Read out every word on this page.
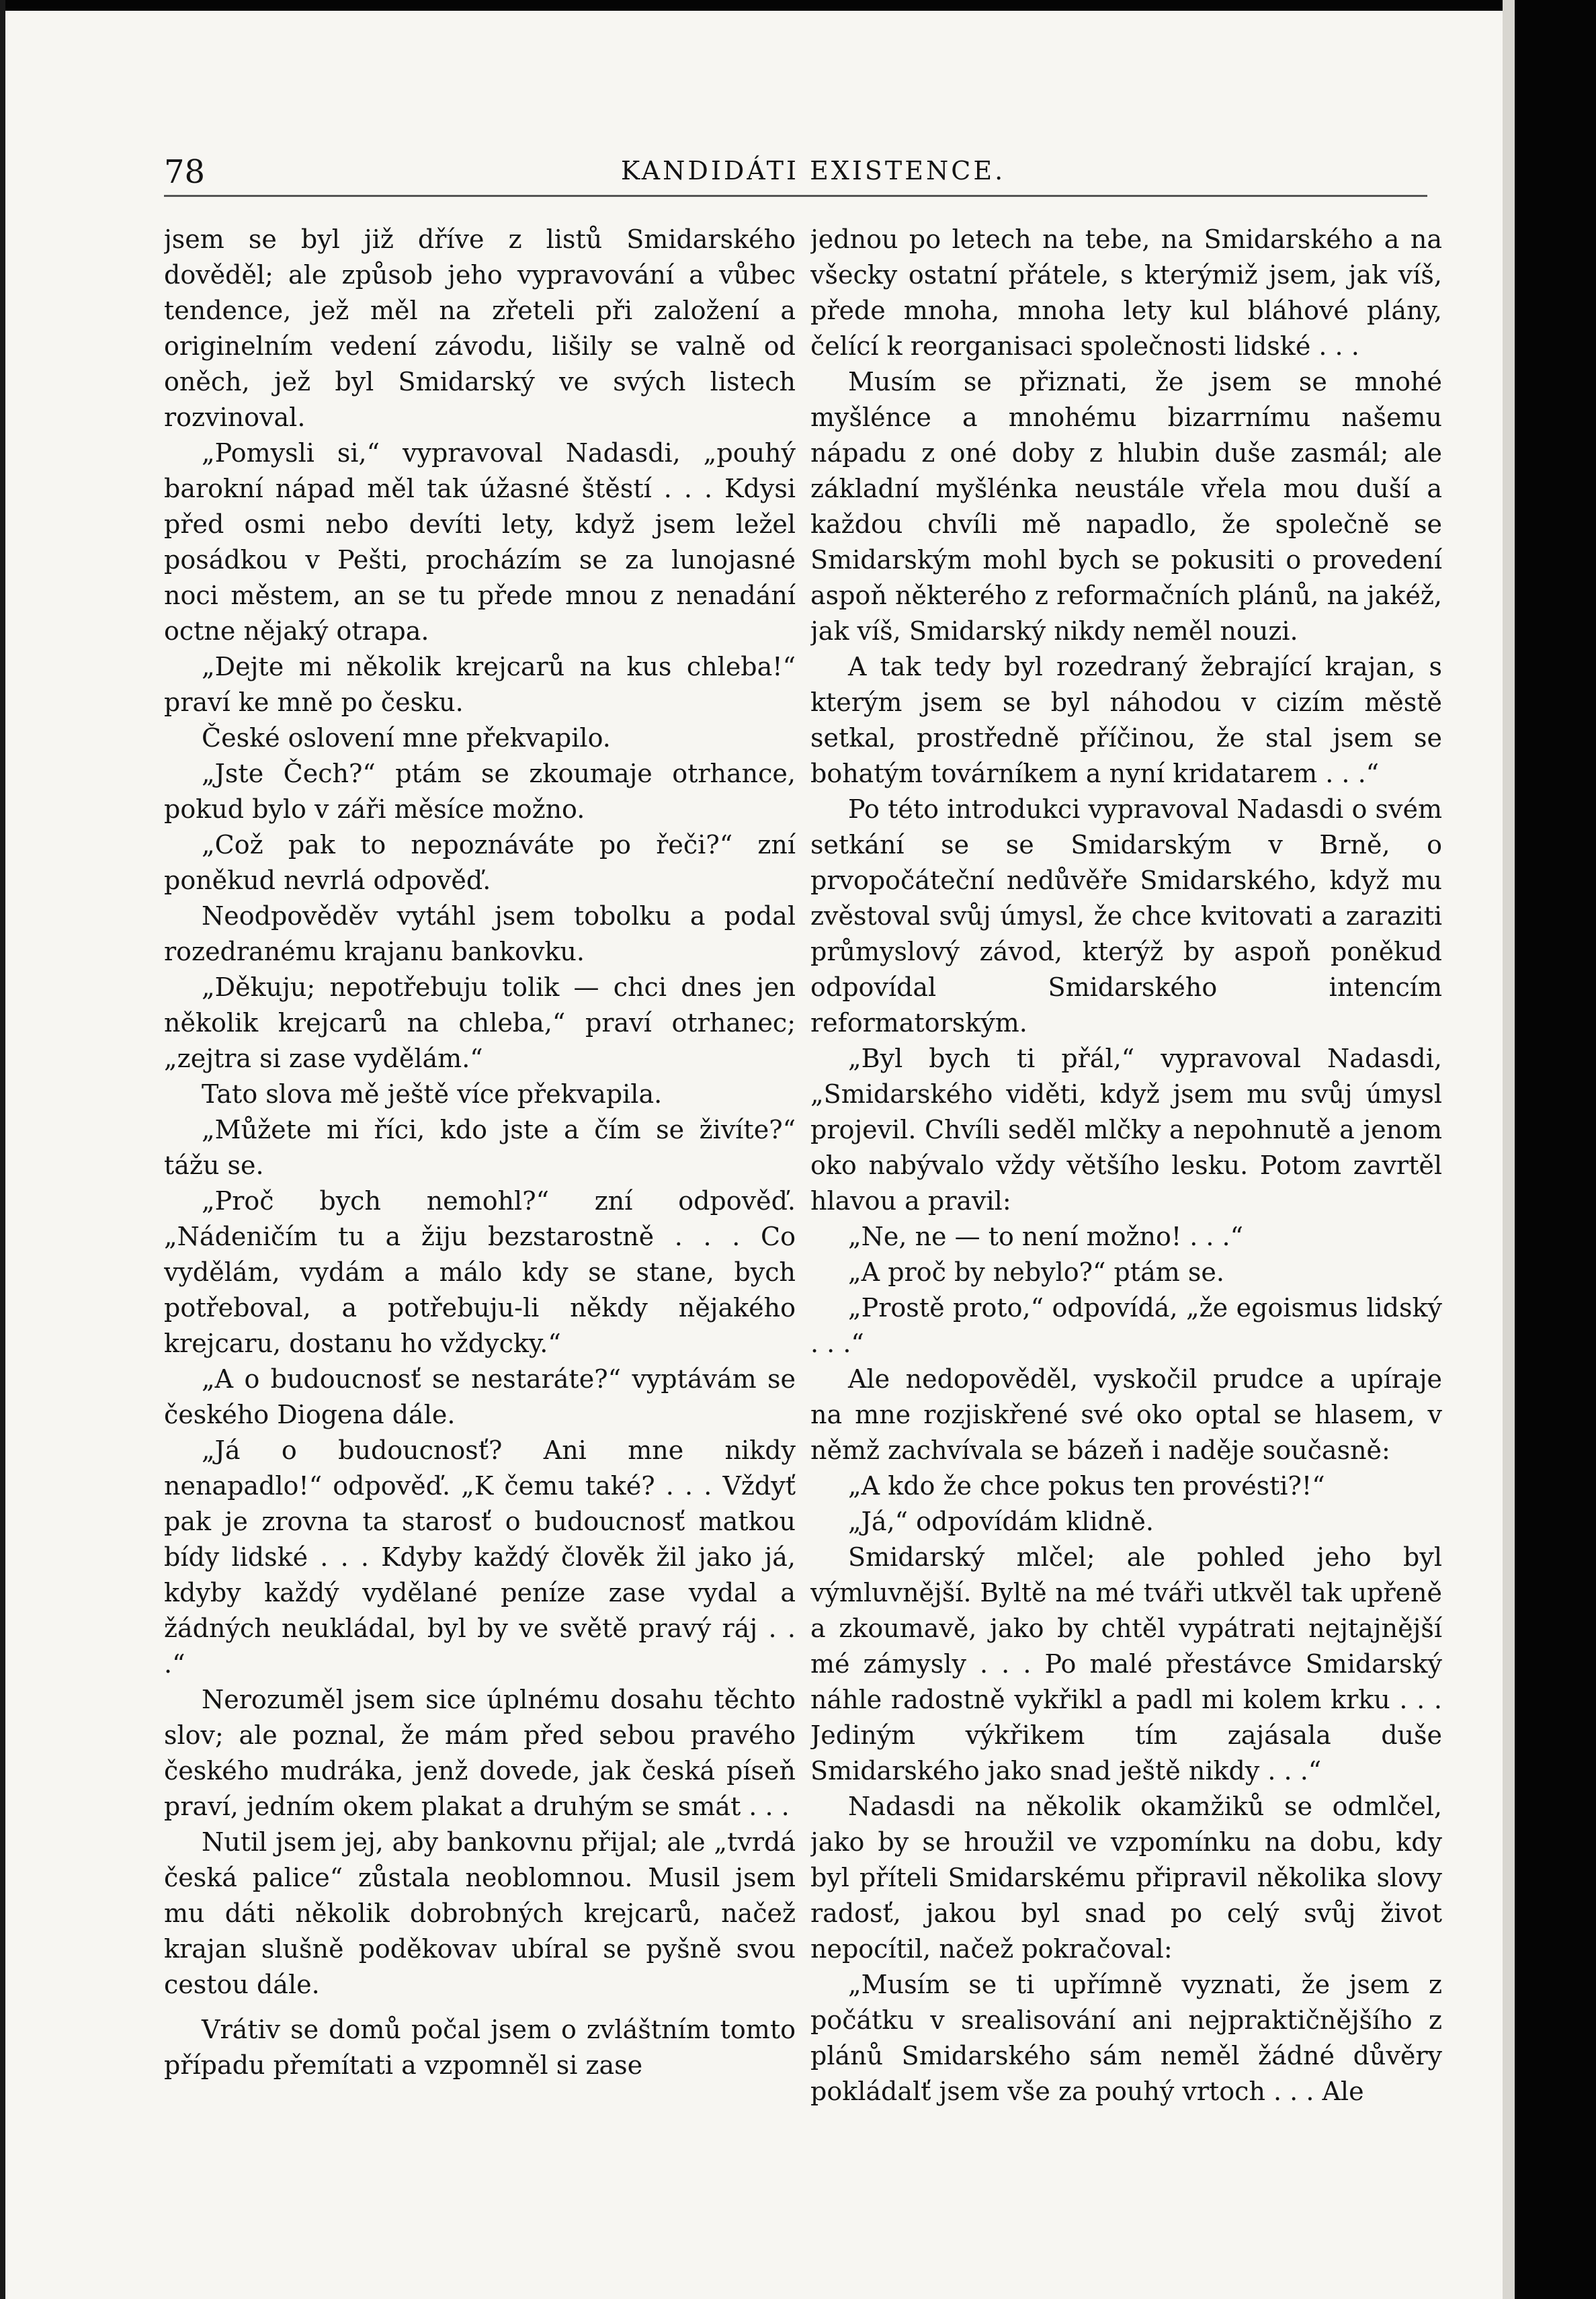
78	KANDIDÁTI EXISTENCE.

jsem se byl již dříve z listů Smidarského dověděl; ale způsob jeho vypravování a vůbec tendence, jež měl na zřeteli při založení a originelním vedení závodu, lišily se valně od oněch, jež byl Smidarský ve svých listech rozvinoval.

„Pomysli si,“ vypravoval Nadasdi, „pouhý barokní nápad měl tak úžasné štěstí . . . Kdysi před osmi nebo devíti lety, když jsem ležel posádkou v Pešti, procházím se za lunojasné noci městem, an se tu přede mnou z nenadání octne nějaký otrapa.

„Dejte mi několik krejcarů na kus chleba!“ praví ke mně po česku.

České oslovení mne překvapilo.

„Jste Čech?“ ptám se zkoumaje otrhance, pokud bylo v záři měsíce možno.

„Což pak to nepoznáváte po řeči?“ zní poněkud nevrlá odpověď.

Neodpověděv vytáhl jsem tobolku a podal rozedranému krajanu bankovku.

„Děkuju; nepotřebuju tolik — chci dnes jen několik krejcarů na chleba,“ praví otrhanec; „zejtra si zase vydělám.“

Tato slova mě ještě více překvapila.

„Můžete mi říci, kdo jste a čím se živíte?“ tážu se.

„Proč bych nemohl?“ zní odpověď. „Nádeničím tu a žiju bezstarostně . . . Co vydělám, vydám a málo kdy se stane, bych potřeboval, a potřebuju-li někdy nějakého krejcaru, dostanu ho vždycky.“

„A o budoucnosť se nestaráte?“ vyptávám se českého Diogena dále.

„Já o budoucnosť? Ani mne nikdy nenapadlo!“ odpověď. „K čemu také? . . . Vždyť pak je zrovna ta starosť o budoucnosť matkou bídy lidské . . . Kdyby každý člověk žil jako já, kdyby každý vydělané peníze zase vydal a žádných neukládal, byl by ve světě pravý ráj . . .“

Nerozuměl jsem sice úplnému dosahu těchto slov; ale poznal, že mám před sebou pravého českého mudráka, jenž dovede, jak česká píseň praví, jedním okem plakat a druhým se smát . . .

Nutil jsem jej, aby bankovnu přijal; ale „tvrdá česká palice“ zůstala neoblomnou. Musil jsem mu dáti několik dobrobných krejcarů, načež krajan slušně poděkovav ubíral se pyšně svou cestou dále.

Vrátiv se domů počal jsem o zvláštním tomto případu přemítati a vzpomněl si zase

jednou po letech na tebe, na Smidarského a na všecky ostatní přátele, s kterýmiž jsem, jak víš, přede mnoha, mnoha lety kul bláhové plány, čelící k reorganisaci společnosti lidské . . .

Musím se přiznati, že jsem se mnohé myšlénce a mnohému bizarrnímu našemu nápadu z oné doby z hlubin duše zasmál; ale základní myšlénka neustále vřela mou duší a každou chvíli mě napadlo, že společně se Smidarským mohl bych se pokusiti o provedení aspoň některého z reformačních plánů, na jakéž, jak víš, Smidarský nikdy neměl nouzi.

A tak tedy byl rozedraný žebrající krajan, s kterým jsem se byl náhodou v cizím městě setkal, prostředně příčinou, že stal jsem se bohatým továrníkem a nyní kridatarem . . .“

Po této introdukci vypravoval Nadasdi o svém setkání se se Smidarským v Brně, o prvopočáteční nedůvěře Smidarského, když mu zvěstoval svůj úmysl, že chce kvitovati a zaraziti průmyslový závod, kterýž by aspoň poněkud odpovídal Smidarského intencím reformatorským.

„Byl bych ti přál,“ vypravoval Nadasdi, „Smidarského viděti, když jsem mu svůj úmysl projevil. Chvíli seděl mlčky a nepohnutě a jenom oko nabývalo vždy většího lesku. Potom zavrtěl hlavou a pravil:

„Ne, ne — to není možno! . . .“

„A proč by nebylo?“ ptám se.

„Prostě proto,“ odpovídá, „že egoismus lidský . . .“

Ale nedopověděl, vyskočil prudce a upíraje na mne rozjiskřené své oko optal se hlasem, v němž zachvívala se bázeň i naděje současně:

„A kdo že chce pokus ten provésti?!“

„Já,“ odpovídám klidně.

Smidarský mlčel; ale pohled jeho byl výmluvnější. Byltě na mé tváři utkvěl tak upřeně a zkoumavě, jako by chtěl vypátrati nejtajnější mé zámysly . . . Po malé přestávce Smidarský náhle radostně vykřikl a padl mi kolem krku . . . Jediným výkřikem tím zajásala duše Smidarského jako snad ještě nikdy . . .“

Nadasdi na několik okamžiků se odmlčel, jako by se hroužil ve vzpomínku na dobu, kdy byl příteli Smidarskému připravil několika slovy radosť, jakou byl snad po celý svůj život nepocítil, načež pokračoval:

„Musím se ti upřímně vyznati, že jsem z počátku v srealisování ani nejpraktičnějšího z plánů Smidarského sám neměl žádné důvěry pokládalť jsem vše za pouhý vrtoch . . . Ale
